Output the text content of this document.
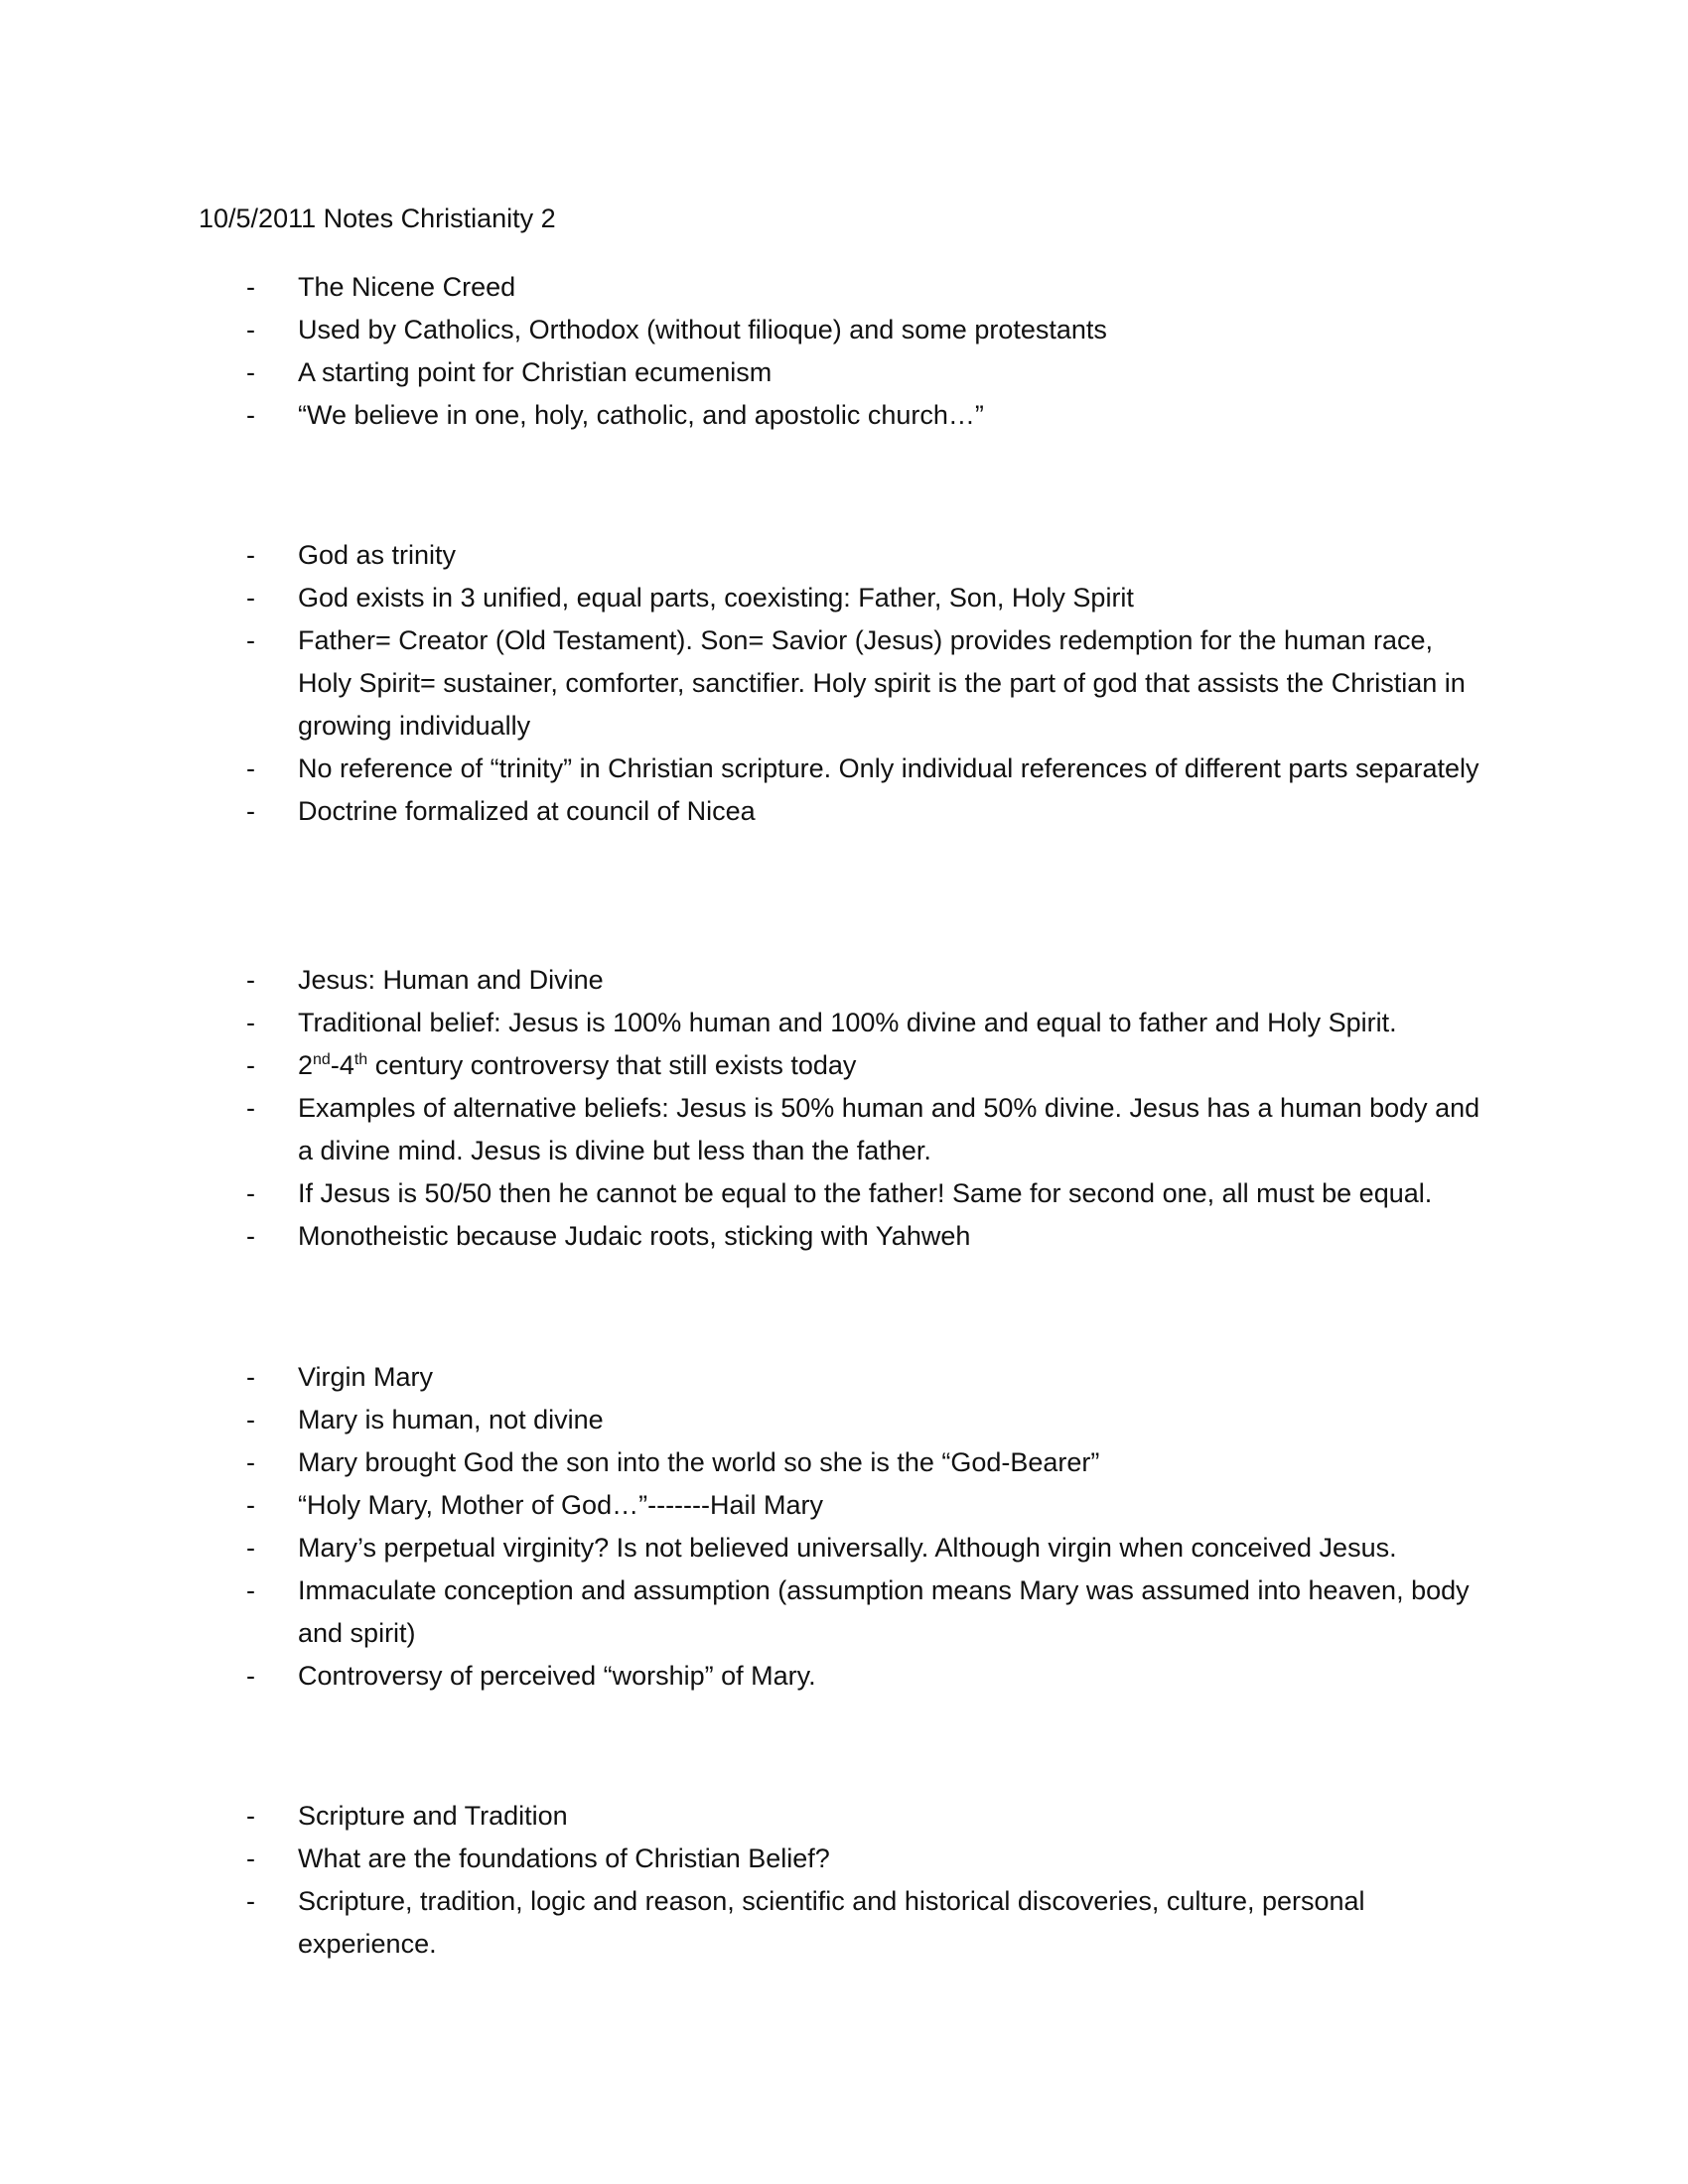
10/5/2011 Notes Christianity 2
- The Nicene Creed
- Used by Catholics, Orthodox (without filioque) and some protestants
- A starting point for Christian ecumenism
- “We believe in one, holy, catholic, and apostolic church…”
- God as trinity
- God exists in 3 unified, equal parts, coexisting: Father, Son, Holy Spirit
- Father= Creator (Old Testament). Son= Savior (Jesus) provides redemption for the human race, Holy Spirit= sustainer, comforter, sanctifier. Holy spirit is the part of god that assists the Christian in growing individually
- No reference of “trinity” in Christian scripture. Only individual references of different parts separately
- Doctrine formalized at council of Nicea
- Jesus: Human and Divine
- Traditional belief: Jesus is 100% human and 100% divine and equal to father and Holy Spirit.
- 2nd-4th century controversy that still exists today
- Examples of alternative beliefs: Jesus is 50% human and 50% divine. Jesus has a human body and a divine mind. Jesus is divine but less than the father.
- If Jesus is 50/50 then he cannot be equal to the father! Same for second one, all must be equal.
- Monotheistic because Judaic roots, sticking with Yahweh
- Virgin Mary
- Mary is human, not divine
- Mary brought God the son into the world so she is the “God-Bearer”
- “Holy Mary, Mother of God…”-------Hail Mary
- Mary’s perpetual virginity? Is not believed universally. Although virgin when conceived Jesus.
- Immaculate conception and assumption (assumption means Mary was assumed into heaven, body and spirit)
- Controversy of perceived “worship” of Mary.
- Scripture and Tradition
- What are the foundations of Christian Belief?
- Scripture, tradition, logic and reason, scientific and historical discoveries, culture, personal experience.
